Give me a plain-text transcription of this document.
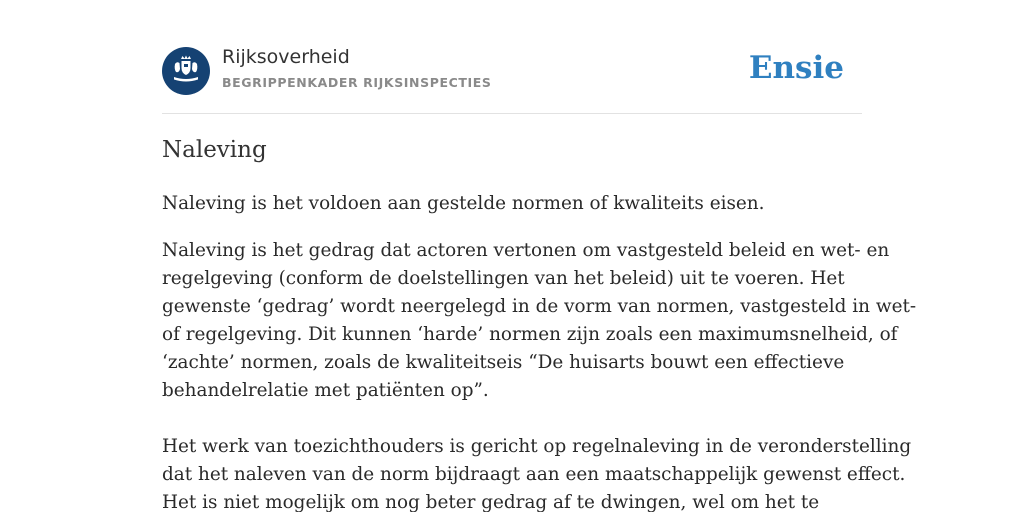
Rijksoverheid
BEGRIPPENKADER RIJKSINSPECTIES	Ensie
Naleving

Naleving is het voldoen aan gestelde normen of kwaliteits eisen.

Naleving is het gedrag dat actoren vertonen om vastgesteld beleid en wet- en
regelgeving (conform de doelstellingen van het beleid) uit te voeren. Het
gewenste ‘gedrag’ wordt neergelegd in de vorm van normen, vastgesteld in wet-
of regelgeving. Dit kunnen ‘harde’ normen zijn zoals een maximumsnelheid, of
‘zachte’ normen, zoals de kwaliteitseis “De huisarts bouwt een effectieve
behandelrelatie met patiënten op”.
Het werk van toezichthouders is gericht op regelnaleving in de veronderstelling
dat het naleven van de norm bijdraagt aan een maatschappelijk gewenst effect.
Het is niet mogelijk om nog beter gedrag af te dwingen, wel om het te
